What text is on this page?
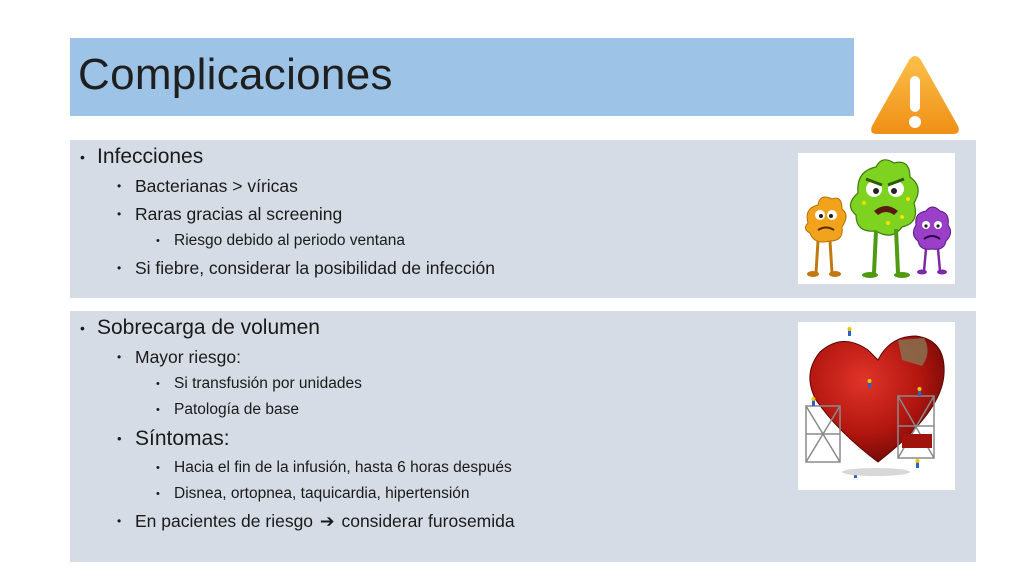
Complicaciones
• Infecciones
• Bacterianas > víricas
• Raras gracias al screening
• Riesgo debido al periodo ventana
• Si fiebre, considerar la posibilidad de infección
• Sobrecarga de volumen
• Mayor riesgo:
• Si transfusión por unidades
• Patología de base
• Síntomas:
• Hacia el fin de la infusión, hasta 6 horas después
• Disnea, ortopnea, taquicardia, hipertensión
• En pacientes de riesgo ➔ considerar furosemida
